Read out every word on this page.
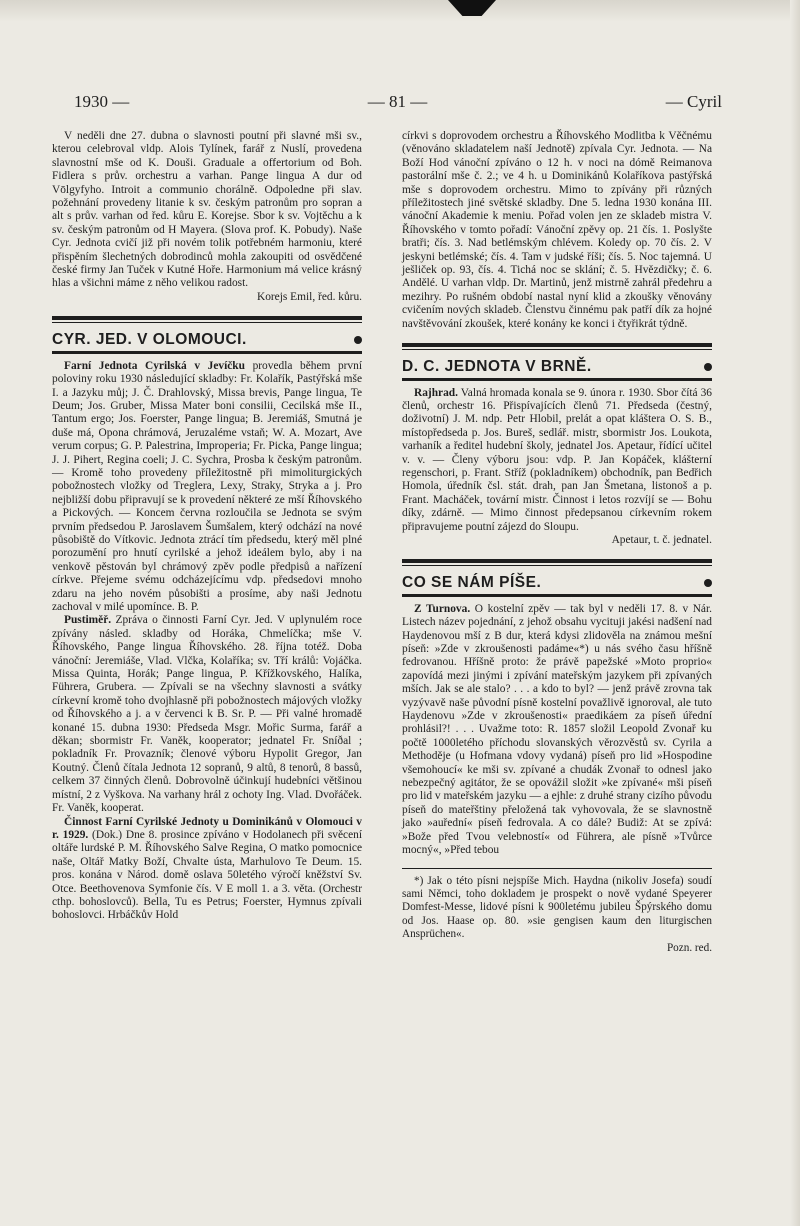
1930 —	— 81 —	— Cyril

V neděli dne 27. dubna o slavnosti poutní při slavné mši sv., kterou celebroval vldp. Alois Tylínek, farář z Nuslí, provedena slavnostní mše od K. Douši. Graduale a offertorium od Boh. Fidlera s prův. orchestru a varhan. Pange lingua A dur od Vōlgyfyho. Introit a communio chorálně. Odpoledne při slav. požehnání provedeny litanie k sv. českým patronům pro sopran a alt s prův. varhan od řed. kůru E. Korejse. Sbor k sv. Vojtěchu a k sv. českým patronům od H Mayera. (Slova prof. K. Pobudy). Naše Cyr. Jednota cvičí již při novém tolik potřebném harmoniu, které přispěním šlechetných dobrodinců mohla zakoupiti od osvědčené české firmy Jan Tuček v Kutné Hoře. Harmonium má velice krásný hlas a všichni máme z něho velikou radost.

Korejs Emil, řed. kůru.

CYR. JED. V OLOMOUCI.

Farní Jednota Cyrilská v Jevíčku provedla během první poloviny roku 1930 následující skladby: Fr. Kolařík, Pastýřská mše I. a Jazyku můj; J. Č. Drahlovský, Missa brevis, Pange lingua, Te Deum; Jos. Gruber, Missa Mater boni consilii, Cecilská mše II., Tantum ergo; Jos. Foerster, Pange lingua; B. Jeremiáš, Smutná je duše má, Opona chrámová, Jeruzaléme vstaň; W. A. Mozart, Ave verum corpus; G. P. Palestrina, Improperia; Fr. Picka, Pange lingua; J. J. Pihert, Regina coeli; J. C. Sychra, Prosba k českým patronům. — Kromě toho provedeny příležitostně při mimoliturgických pobožnostech vložky od Treglera, Lexy, Straky, Stryka a j. Pro nejbližší dobu připravují se k provedení některé ze mší Říhovského a Pickových. — Koncem června rozloučila se Jednota se svým prvním předsedou P. Jaroslavem Šumšalem, který odchází na nové působiště do Vítkovic. Jednota ztrácí tím předsedu, který měl plné porozumění pro hnutí cyrilské a jehož ideálem bylo, aby i na venkově pěstován byl chrámový zpěv podle předpisů a nařízení církve. Přejeme svému odcházejícímu vdp. předsedovi mnoho zdaru na jeho novém působišti a prosíme, aby naši Jednotu zachoval v milé upomínce. B. P.

Pustiměř. Zpráva o činnosti Farní Cyr. Jed. V uplynulém roce zpívány násled. skladby od Horáka, Chmelíčka; mše V. Říhovského, Pange lingua Říhovského. 28. října totéž. Doba vánoční: Jeremiáše, Vlad. Vlčka, Kolaříka; sv. Tří králů: Vojáčka. Missa Quinta, Horák; Pange lingua, P. Křížkovského, Halíka, Führera, Grubera. — Zpívali se na všechny slavnosti a svátky církevní kromě toho dvojhlasně při pobožnostech májových vložky od Říhovského a j. a v červenci k B. Sr. P. — Při valné hromadě konané 15. dubna 1930: Předseda Msgr. Mořic Surma, farář a děkan; sbormistr Fr. Vaněk, kooperator; jednatel Fr. Sníðal ; pokladník Fr. Provazník; členové výboru Hypolit Gregor, Jan Koutný. Členů čítala Jednota 12 sopranů, 9 altů, 8 tenorů, 8 bassů, celkem 37 činných členů. Dobrovolně účinkují hudebníci většinou místní, 2 z Vyškova. Na varhany hrál z ochoty Ing. Vlad. Dvořáček. Fr. Vaněk, kooperat.

Činnost Farní Cyrilské Jednoty u Dominikánů v Olomouci v r. 1929. (Dok.) Dne 8. prosince zpíváno v Hodolanech při svěcení oltáře lurdské P. M. Říhovského Salve Regina, O matko pomocnice naše, Oltář Matky Boží, Chvalte ústa, Marhulovo Te Deum. 15. pros. konána v Národ. domě oslava 50letého výročí kněžství Sv. Otce. Beethovenova Symfonie čís. V E moll 1. a 3. věta. (Orchestr cthp. bohoslovců). Bella, Tu es Petrus; Foerster, Hymnus zpívali bohoslovci. Hrbáčkův Hold

církvi s doprovodem orchestru a Říhovského Modlitba k Věčnému (věnováno skladatelem naší Jednotě) zpívala Cyr. Jednota. — Na Boží Hod vánoční zpíváno o 12 h. v noci na dómě Reimanova pastorální mše č. 2.; ve 4 h. u Dominikánů Kolaříkova pastýřská mše s doprovodem orchestru. Mimo to zpívány při různých příležitostech jiné světské skladby. Dne 5. ledna 1930 konána III. vánoční Akademie k meniu. Pořad volen jen ze skladeb mistra V. Říhovského v tomto pořadí: Vánoční zpěvy op. 21 čís. 1. Poslyšte bratři; čís. 3. Nad betlémským chlévem. Koledy op. 70 čís. 2. V jeskyni betlémské; čís. 4. Tam v judské říši; čís. 5. Noc tajemná. U ješliček op. 93, čís. 4. Tichá noc se sklání; č. 5. Hvězdičky; č. 6. Andělé. U varhan vldp. Dr. Martinů, jenž mistrně zahrál předehru a mezihry. Po rušném období nastal nyní klid a zkoušky věnovány cvičením nových skladeb. Členstvu činnému pak patří dík za hojné navštěvování zkoušek, které konány ke konci i čtyřikrát týdně.

D. C. JEDNOTA V BRNĚ.

Rajhrad. Valná hromada konala se 9. února r. 1930. Sbor čítá 36 členů, orchestr 16. Přispívajících členů 71. Předseda (čestný, doživotní) J. M. ndp. Petr Hlobil, prelát a opat kláštera O. S. B., místopředseda p. Jos. Bureš, sedlář. mistr, sbormistr Jos. Loukota, varhaník a ředitel hudební školy, jednatel Jos. Apetaur, řídící učitel v. v. — Členy výboru jsou: vdp. P. Jan Kopáček, klášterní regenschori, p. Frant. Stříž (pokladníkem) obchodník, pan Bedřich Homola, úředník čsl. stát. drah, pan Jan Šmetana, listonoš a p. Frant. Macháček, tovární mistr. Činnost i letos rozvíjí se — Bohu díky, zdárně. — Mimo činnost předepsanou církevním rokem připravujeme poutní zájezd do Sloupu.

Apetaur, t. č. jednatel.

CO SE NÁM PÍŠE.

Z Turnova. O kostelní zpěv — tak byl v neděli 17. 8. v Nár. Listech název pojednání, z jehož obsahu vycituji jakési nadšení nad Haydenovou mší z B dur, která kdysi zlidověla na známou mešní píseň: »Zde v zkroušenosti padáme«*) u nás svého času hříšně fedrovanou. Hříšně proto: že právě papežské »Moto proprio« zapovídá mezi jinými i zpívání mateřským jazykem při zpívaných mších. Jak se ale stalo? . . . a kdo to byl? — jenž právě zrovna tak vyzývavě naše původní písně kostelní považlivě ignoroval, ale tuto Haydenovu »Zde v zkroušenosti« praedikáem za píseň úřední prohlásil?! . . . Uvažme toto: R. 1857 složil Leopold Zvonař ku počtě 1000letého příchodu slovanských věrozvěstů sv. Cyrila a Methoděje (u Hofmana vdovy vydaná) píseň pro lid »Hospodine všemohoucí« ke mši sv. zpívané a chudák Zvonař to odnesl jako nebezpečný agitátor, že se opovážil složit »ke zpívané« mši píseň pro lid v mateřském jazyku — a ejhle: z druhé strany cizího původu píseň do mateřštiny přeložená tak vyhovovala, že se slavnostně jako »auřední« píseň fedrovala. A co dále? Budiž: At se zpívá: »Bože před Tvou velebností« od Führera, ale písně »Tvůrce mocný«, »Před tebou

*) Jak o této písni nejspíše Mich. Haydna (nikoliv Josefa) soudí sami Němci, toho dokladem je prospekt o nově vydané Speyerer Domfest-Messe, lidové písni k 900letému jubileu Špýrského domu od Jos. Haase op. 80. »sie gengisen kaum den liturgischen Ansprüchen«.

Pozn. red.
